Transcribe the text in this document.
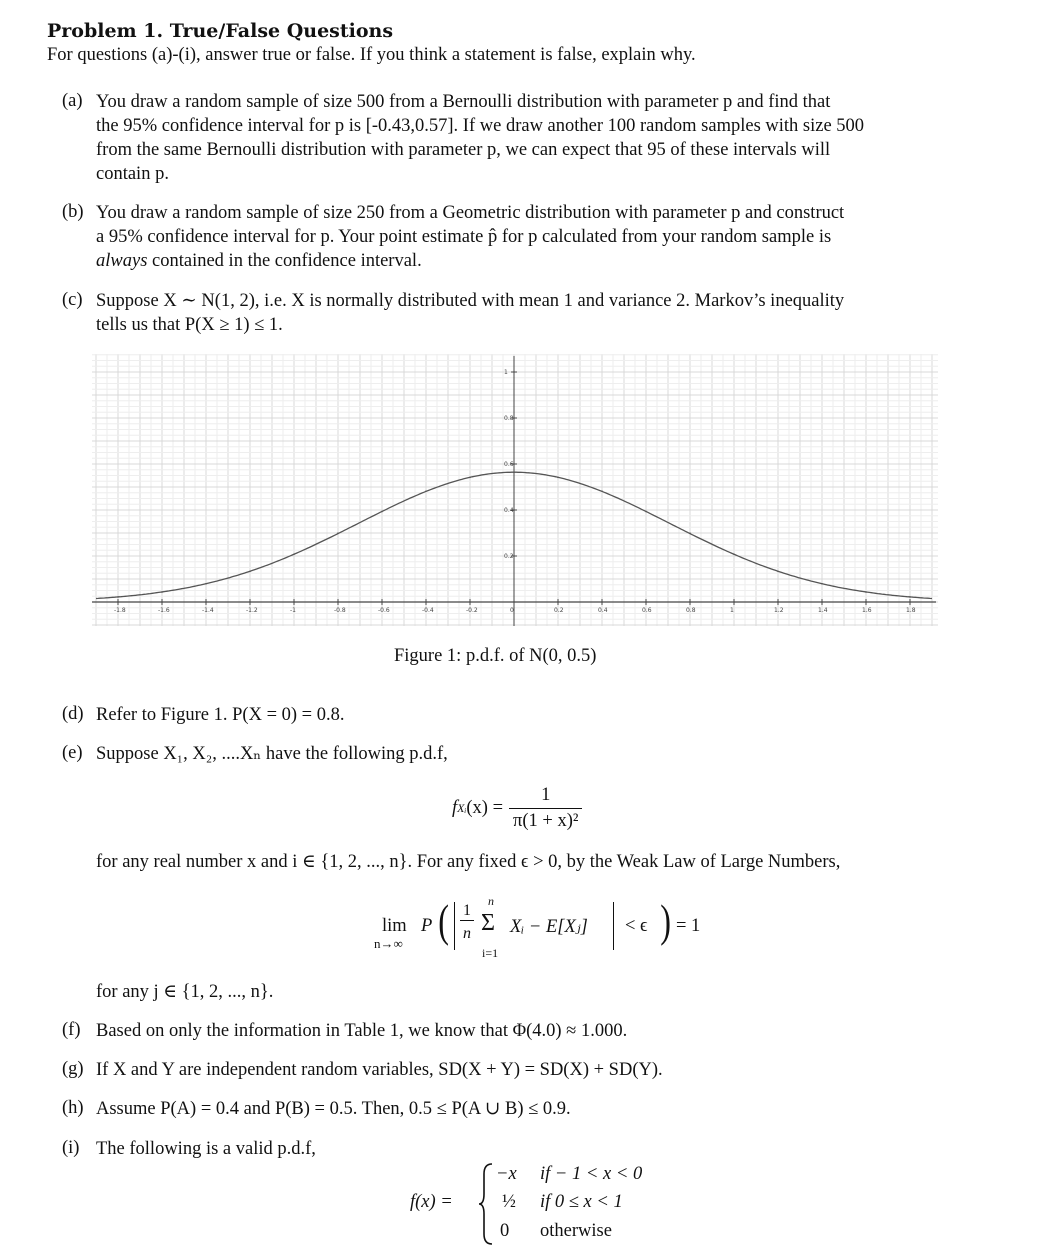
Problem 1. True/False Questions
For questions (a)-(i), answer true or false. If you think a statement is false, explain why.
(a) You draw a random sample of size 500 from a Bernoulli distribution with parameter p and find that
the 95% confidence interval for p is [-0.43,0.57]. If we draw another 100 random samples with size 500
from the same Bernoulli distribution with parameter p, we can expect that 95 of these intervals will
contain p.
(b) You draw a random sample of size 250 from a Geometric distribution with parameter p and construct
a 95% confidence interval for p. Your point estimate p̂ for p calculated from your random sample is
always contained in the confidence interval.
(c) Suppose X ∼ N(1, 2), i.e. X is normally distributed with mean 1 and variance 2. Markov’s inequality
tells us that P(X ≥ 1) ≤ 1.
-1.8	-1.6	-1.4	-1.2	-1	-0.8	-0.6	-0.4	-0.2	0	0.2	0.4	0.6	0.8	1	1.2	1.4	1.6	1.8
0.2
0.4
0.6
0.8
1
Figure 1: p.d.f. of N(0, 0.5)
(d) Refer to Figure 1. P(X = 0) = 0.8.
(e) Suppose X₁, X₂, ....Xₙ have the following p.d.f,
f Xᵢ $(x) = \frac{1}{\text{π(1 + x)²}}$
for any real number x and i ∈ {1, 2, ..., n}. For any fixed ϵ > 0, by the Weak Law of Large Numbers,
lim
n→∞
P ( 1
n
n
Σ
i=1
Xᵢ − E[Xⱼ] < ϵ ) = 1
for any j ∈ {1, 2, ..., n}.
(f) Based on only the information in Table 1, we know that Φ(4.0) ≈ 1.000.
(g) If X and Y are independent random variables, SD(X + Y) = SD(X) + SD(Y).
(h) Assume P(A) = 0.4 and P(B) = 0.5. Then, 0.5 ≤ P(A ∪ B) ≤ 0.9.
(i) The following is a valid p.d.f,
f(x) =
−x if − 1 < x < 0
½ if 0 ≤ x < 1
0 otherwise
